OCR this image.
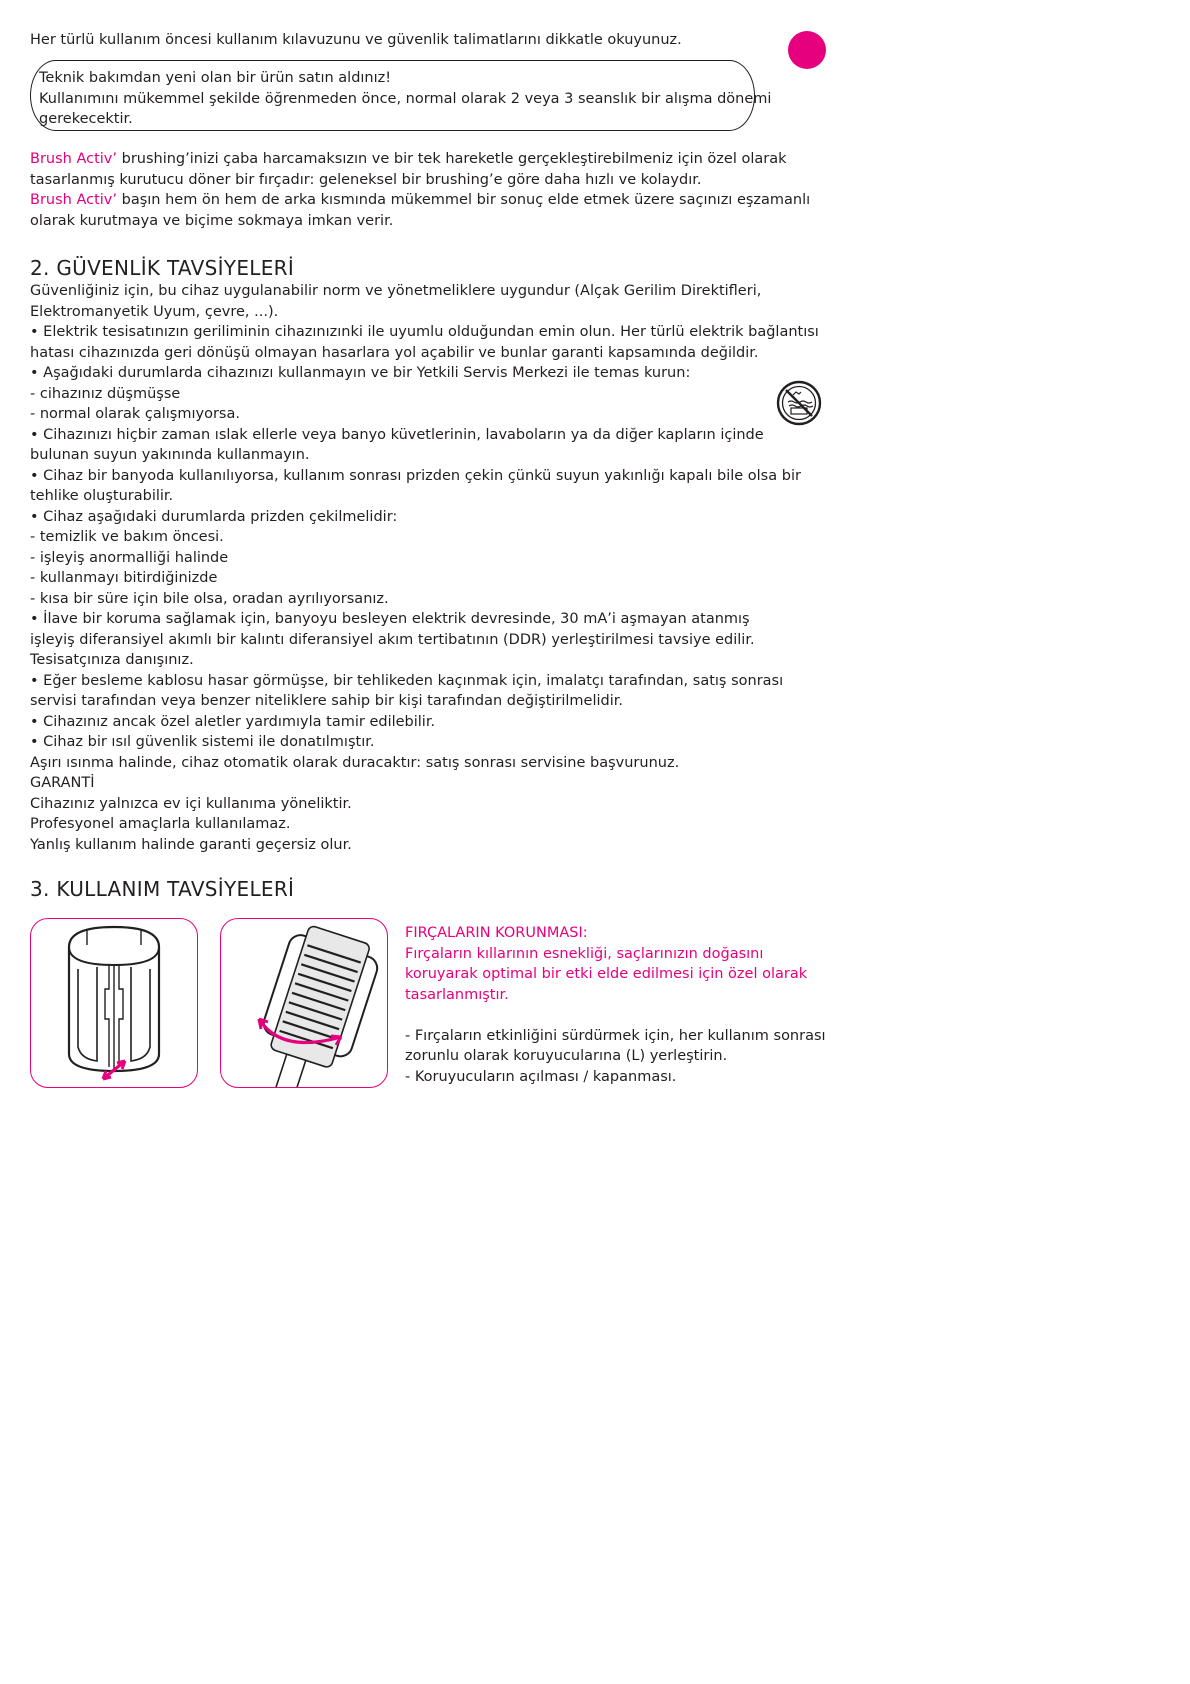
Her türlü kullanım öncesi kullanım kılavuzunu ve güvenlik talimatlarını dikkatle okuyunuz.

Teknik bakımdan yeni olan bir ürün satın aldınız!

Kullanımını mükemmel şekilde öğrenmeden önce, normal olarak 2 veya 3 seanslık bir alışma dönemi

gerekecektir.

Brush Activ’ brushing’inizi çaba harcamaksızın ve bir tek hareketle gerçekleştirebilmeniz için özel olarak

tasarlanmış kurutucu döner bir fırçadır: geleneksel bir brushing’e göre daha hızlı ve kolaydır.

Brush Activ’ başın hem ön hem de arka kısmında mükemmel bir sonuç elde etmek üzere saçınızı eşzamanlı

olarak kurutmaya ve biçime sokmaya imkan verir.

2. GÜVENLİK TAVSİYELERİ

Güvenliğiniz için, bu cihaz uygulanabilir norm ve yönetmeliklere uygundur (Alçak Gerilim Direktifleri,

Elektromanyetik Uyum, çevre, ...).

• Elektrik tesisatınızın geriliminin cihazınızınki ile uyumlu olduğundan emin olun. Her türlü elektrik bağlantısı

hatası cihazınızda geri dönüşü olmayan hasarlara yol açabilir ve bunlar garanti kapsamında değildir.

• Aşağıdaki durumlarda cihazınızı kullanmayın ve bir Yetkili Servis Merkezi ile temas kurun:

- cihazınız düşmüşse

- normal olarak çalışmıyorsa.

• Cihazınızı hiçbir zaman ıslak ellerle veya banyo küvetlerinin, lavaboların ya da diğer kapların içinde

bulunan suyun yakınında kullanmayın.

• Cihaz bir banyoda kullanılıyorsa, kullanım sonrası prizden çekin çünkü suyun yakınlığı kapalı bile olsa bir

tehlike oluşturabilir.

• Cihaz aşağıdaki durumlarda prizden çekilmelidir:

- temizlik ve bakım öncesi.

- işleyiş anormalliği halinde

- kullanmayı bitirdiğinizde

- kısa bir süre için bile olsa, oradan ayrılıyorsanız.

• İlave bir koruma sağlamak için, banyoyu besleyen elektrik devresinde, 30 mA’i aşmayan atanmış

işleyiş diferansiyel akımlı bir kalıntı diferansiyel akım tertibatının (DDR) yerleştirilmesi tavsiye edilir.

Tesisatçınıza danışınız.

• Eğer besleme kablosu hasar görmüşse, bir tehlikeden kaçınmak için, imalatçı tarafından, satış sonrası

servisi tarafından veya benzer niteliklere sahip bir kişi tarafından değiştirilmelidir.

• Cihazınız ancak özel aletler yardımıyla tamir edilebilir.

• Cihaz bir ısıl güvenlik sistemi ile donatılmıştır.

Aşırı ısınma halinde, cihaz otomatik olarak duracaktır: satış sonrası servisine başvurunuz.

GARANTİ

Cihazınız yalnızca ev içi kullanıma yöneliktir.

Profesyonel amaçlarla kullanılamaz.

Yanlış kullanım halinde garanti geçersiz olur.

3. KULLANIM TAVSİYELERİ

FIRÇALARIN KORUNMASI:

Fırçaların kıllarının esnekliği, saçlarınızın doğasını

koruyarak optimal bir etki elde edilmesi için özel olarak

tasarlanmıştır.

- Fırçaların etkinliğini sürdürmek için, her kullanım sonrası

zorunlu olarak koruyucularına (L) yerleştirin.

- Koruyucuların açılması / kapanması.
